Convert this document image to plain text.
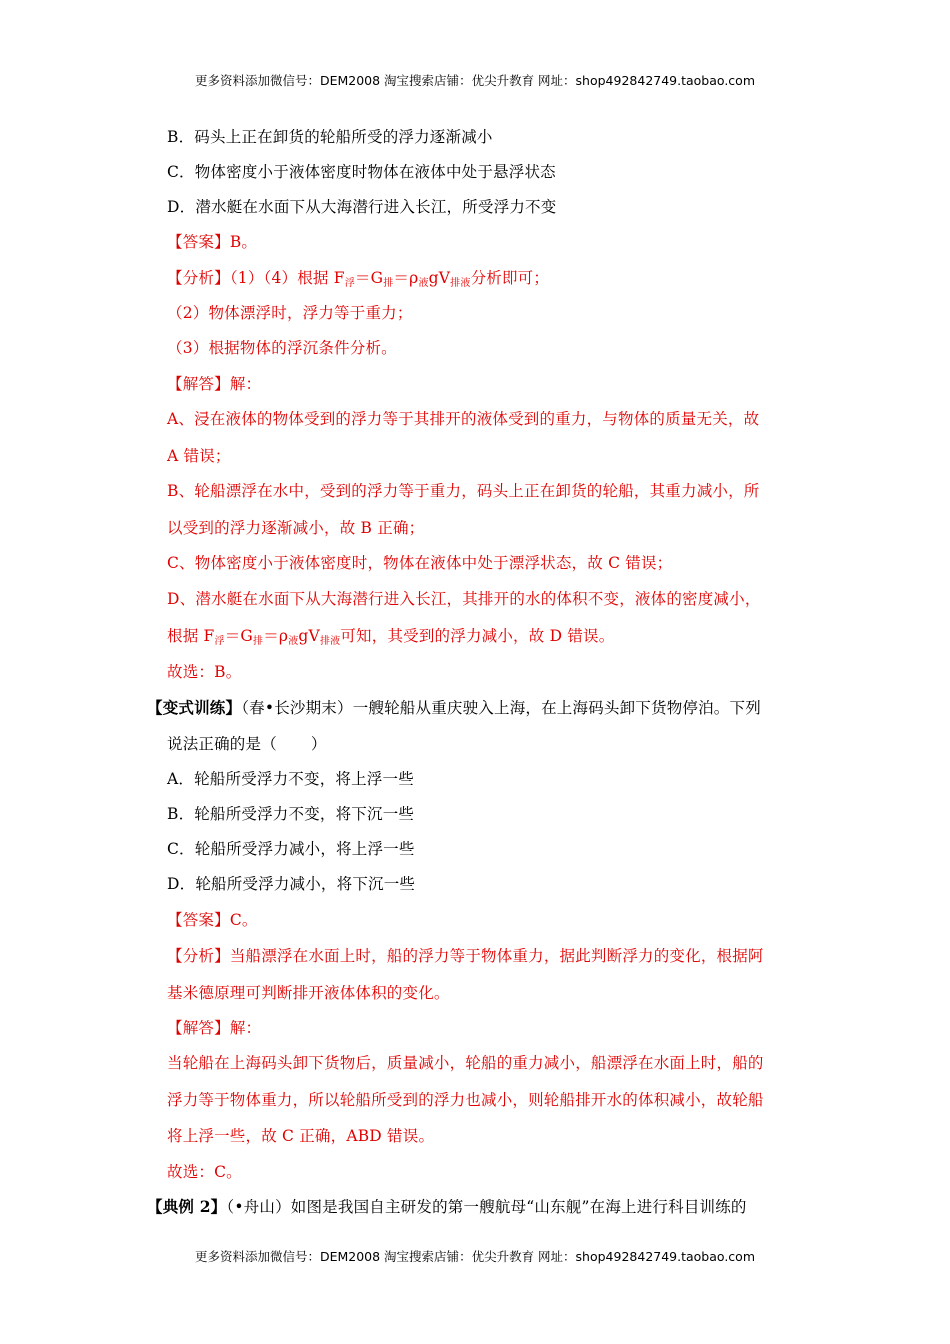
更多资料添加微信号：DEM2008 淘宝搜索店铺：优尖升教育 网址：shop492842749.taobao.com
B．码头上正在卸货的轮船所受的浮力逐渐减小
C．物体密度小于液体密度时物体在液体中处于悬浮状态
D．潜水艇在水面下从大海潜行进入长江，所受浮力不变
【答案】B。
【分析】（1）（4）根据 F浮＝G排＝ρ液gV排液分析即可；
（2）物体漂浮时，浮力等于重力；
（3）根据物体的浮沉条件分析。
【解答】解：
A、浸在液体的物体受到的浮力等于其排开的液体受到的重力，与物体的质量无关，故
A 错误；
B、轮船漂浮在水中，受到的浮力等于重力，码头上正在卸货的轮船，其重力减小，所
以受到的浮力逐渐减小，故 B 正确；
C、物体密度小于液体密度时，物体在液体中处于漂浮状态，故 C 错误；
D、潜水艇在水面下从大海潜行进入长江，其排开的水的体积不变，液体的密度减小，
根据 F浮＝G排＝ρ液gV排液可知，其受到的浮力减小，故 D 错误。
故选：B。
【变式训练】（春•长沙期末）一艘轮船从重庆驶入上海，在上海码头卸下货物停泊。下列
说法正确的是（ ）
A．轮船所受浮力不变，将上浮一些
B．轮船所受浮力不变，将下沉一些
C．轮船所受浮力减小，将上浮一些
D．轮船所受浮力减小，将下沉一些
【答案】C。
【分析】当船漂浮在水面上时，船的浮力等于物体重力，据此判断浮力的变化，根据阿
基米德原理可判断排开液体体积的变化。
【解答】解：
当轮船在上海码头卸下货物后，质量减小，轮船的重力减小，船漂浮在水面上时，船的
浮力等于物体重力，所以轮船所受到的浮力也减小，则轮船排开水的体积减小，故轮船
将上浮一些，故 C 正确，ABD 错误。
故选：C。
【典例 2】（•舟山）如图是我国自主研发的第一艘航母“山东舰”在海上进行科目训练的
更多资料添加微信号：DEM2008 淘宝搜索店铺：优尖升教育 网址：shop492842749.taobao.com
